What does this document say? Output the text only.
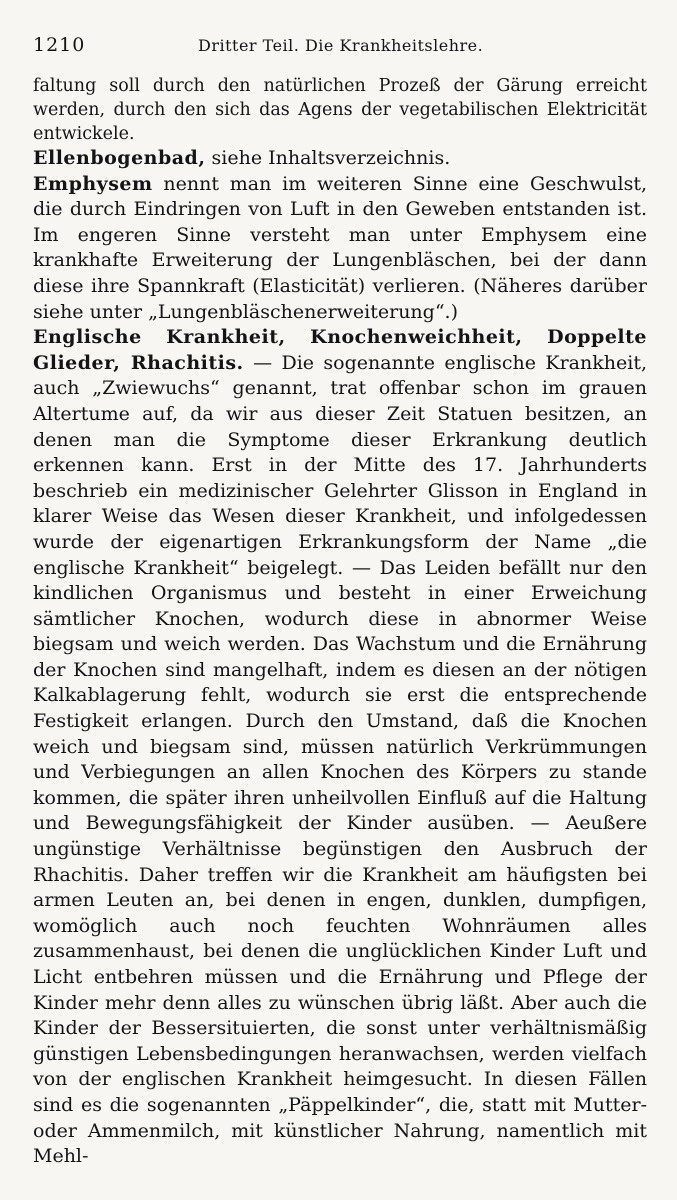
1210	Dritter Teil. Die Krankheitslehre.

faltung soll durch den natürlichen Prozeß der Gärung erreicht werden, durch den sich das Agens der vegetabilischen Elektricität entwickele.

Ellenbogenbad, siehe Inhaltsverzeichnis.

Emphysem nennt man im weiteren Sinne eine Geschwulst, die durch Eindringen von Luft in den Geweben entstanden ist. Im engeren Sinne versteht man unter Emphysem eine krankhafte Erweiterung der Lungenbläschen, bei der dann diese ihre Spannkraft (Elasticität) verlieren. (Näheres darüber siehe unter „Lungenbläschenerweiterung“.)

Englische Krankheit, Knochenweichheit, Doppelte Glieder, Rhachitis. — Die sogenannte englische Krankheit, auch „Zwiewuchs“ genannt, trat offenbar schon im grauen Altertume auf, da wir aus dieser Zeit Statuen besitzen, an denen man die Symptome dieser Erkrankung deutlich erkennen kann. Erst in der Mitte des 17. Jahrhunderts beschrieb ein medizinischer Gelehrter Glisson in England in klarer Weise das Wesen dieser Krankheit, und infolgedessen wurde der eigenartigen Erkrankungsform der Name „die englische Krankheit“ beigelegt. — Das Leiden befällt nur den kindlichen Organismus und besteht in einer Erweichung sämtlicher Knochen, wodurch diese in abnormer Weise biegsam und weich werden. Das Wachstum und die Ernährung der Knochen sind mangelhaft, indem es diesen an der nötigen Kalkablagerung fehlt, wodurch sie erst die entsprechende Festigkeit erlangen. Durch den Umstand, daß die Knochen weich und biegsam sind, müssen natürlich Verkrümmungen und Verbiegungen an allen Knochen des Körpers zu stande kommen, die später ihren unheilvollen Einfluß auf die Haltung und Bewegungsfähigkeit der Kinder ausüben. — Aeußere ungünstige Verhältnisse begünstigen den Ausbruch der Rhachitis. Daher treffen wir die Krankheit am häufigsten bei armen Leuten an, bei denen in engen, dunklen, dumpfigen, womöglich auch noch feuchten Wohnräumen alles zusammenhaust, bei denen die unglücklichen Kinder Luft und Licht entbehren müssen und die Ernährung und Pflege der Kinder mehr denn alles zu wünschen übrig läßt. Aber auch die Kinder der Bessersituierten, die sonst unter verhältnismäßig günstigen Lebensbedingungen heranwachsen, werden vielfach von der englischen Krankheit heimgesucht. In diesen Fällen sind es die sogenannten „Päppelkinder“, die, statt mit Mutter- oder Ammenmilch, mit künstlicher Nahrung, namentlich mit Mehl-
